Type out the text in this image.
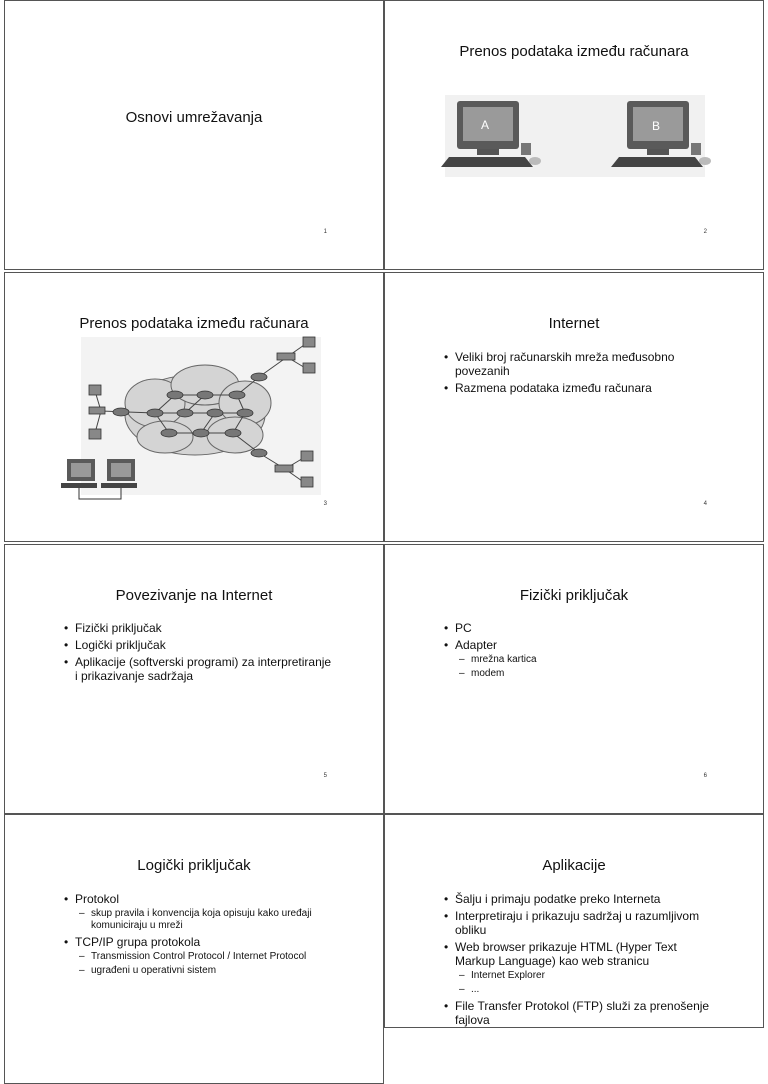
Osnovi umrežavanja
1
Prenos podataka između računara
A	B
2
Prenos podataka između računara
3
Internet
• Veliki broj računarskih mreža međusobno povezanih
• Razmena podataka između računara
4
Povezivanje na Internet
• Fizički priključak
• Logički priključak
• Aplikacije (softverski programi) za interpretiranje i prikazivanje sadržaja
5
Fizički priključak
• PC
• Adapter
– mrežna kartica
– modem
6
Logički priključak
• Protokol
– skup pravila i konvencija koja opisuju kako uređaji komuniciraju u mreži
• TCP/IP grupa protokola
– Transmission Control Protocol / Internet Protocol
– ugrađeni u operativni sistem
Aplikacije
• Šalju i primaju podatke preko Interneta
• Interpretiraju i prikazuju sadržaj u razumljivom obliku
• Web browser prikazuje HTML (Hyper Text Markup Language) kao web stranicu
– Internet Explorer
– ...
• File Transfer Protokol (FTP) služi za prenošenje fajlova
